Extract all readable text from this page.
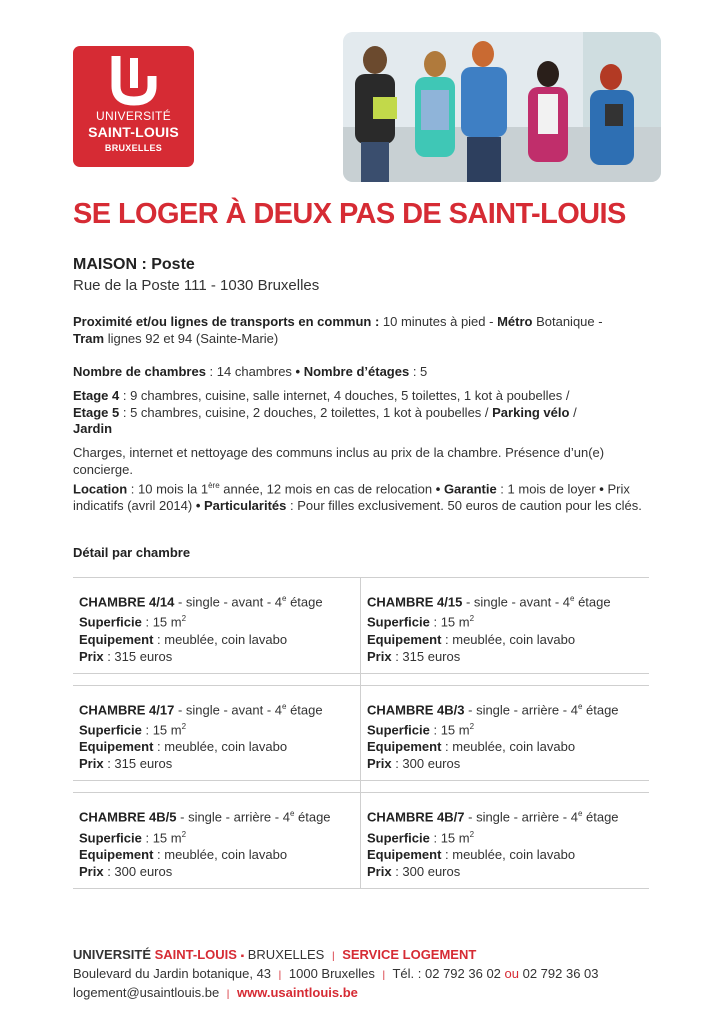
UNIVERSITÉ
SAINT-LOUIS
BRUXELLES
SE LOGER À DEUX PAS DE SAINT-LOUIS
MAISON : Poste
Rue de la Poste 111 - 1030 Bruxelles
Proximité et/ou lignes de transports en commun : 10 minutes à pied - Métro Botanique -
Tram lignes 92 et 94 (Sainte-Marie)
Nombre de chambres : 14 chambres • Nombre d’étages : 5
Etage 4 : 9 chambres, cuisine, salle internet, 4 douches, 5 toilettes, 1 kot à poubelles /
Etage 5 : 5 chambres, cuisine, 2 douches, 2 toilettes, 1 kot à poubelles / Parking vélo /
Jardin
Charges, internet et nettoyage des communs inclus au prix de la chambre. Présence d’un(e) concierge.
Location : 10 mois la 1ère année, 12 mois en cas de relocation • Garantie : 1 mois de loyer • Prix indicatifs (avril 2014) • Particularités : Pour filles exclusivement. 50 euros de caution pour les clés.
Détail par chambre
CHAMBRE 4/14 - single - avant - 4e étage
Superficie : 15 $m^2$
Equipement : meublée, coin lavabo
Prix : 315 euros
CHAMBRE 4/15 - single - avant - 4e étage
Superficie : 15 $m^2$
Equipement : meublée, coin lavabo
Prix : 315 euros
CHAMBRE 4/17 - single - avant - 4e étage
Superficie : 15 $m^2$
Equipement : meublée, coin lavabo
Prix : 315 euros
CHAMBRE 4B/3 - single - arrière - 4e étage
Superficie : 15 $m^2$
Equipement : meublée, coin lavabo
Prix : 300 euros
CHAMBRE 4B/5 - single - arrière - 4e étage
Superficie : 15 $m^2$
Equipement : meublée, coin lavabo
Prix : 300 euros
CHAMBRE 4B/7 - single - arrière - 4e étage
Superficie : 15 $m^2$
Equipement : meublée, coin lavabo
Prix : 300 euros
UNIVERSITÉ SAINT-LOUIS ▪ BRUXELLES | SERVICE LOGEMENT
Boulevard du Jardin botanique, 43 | 1000 Bruxelles | Tél. : 02 792 36 02 ou 02 792 36 03
logement@usaintlouis.be | www.usaintlouis.be
